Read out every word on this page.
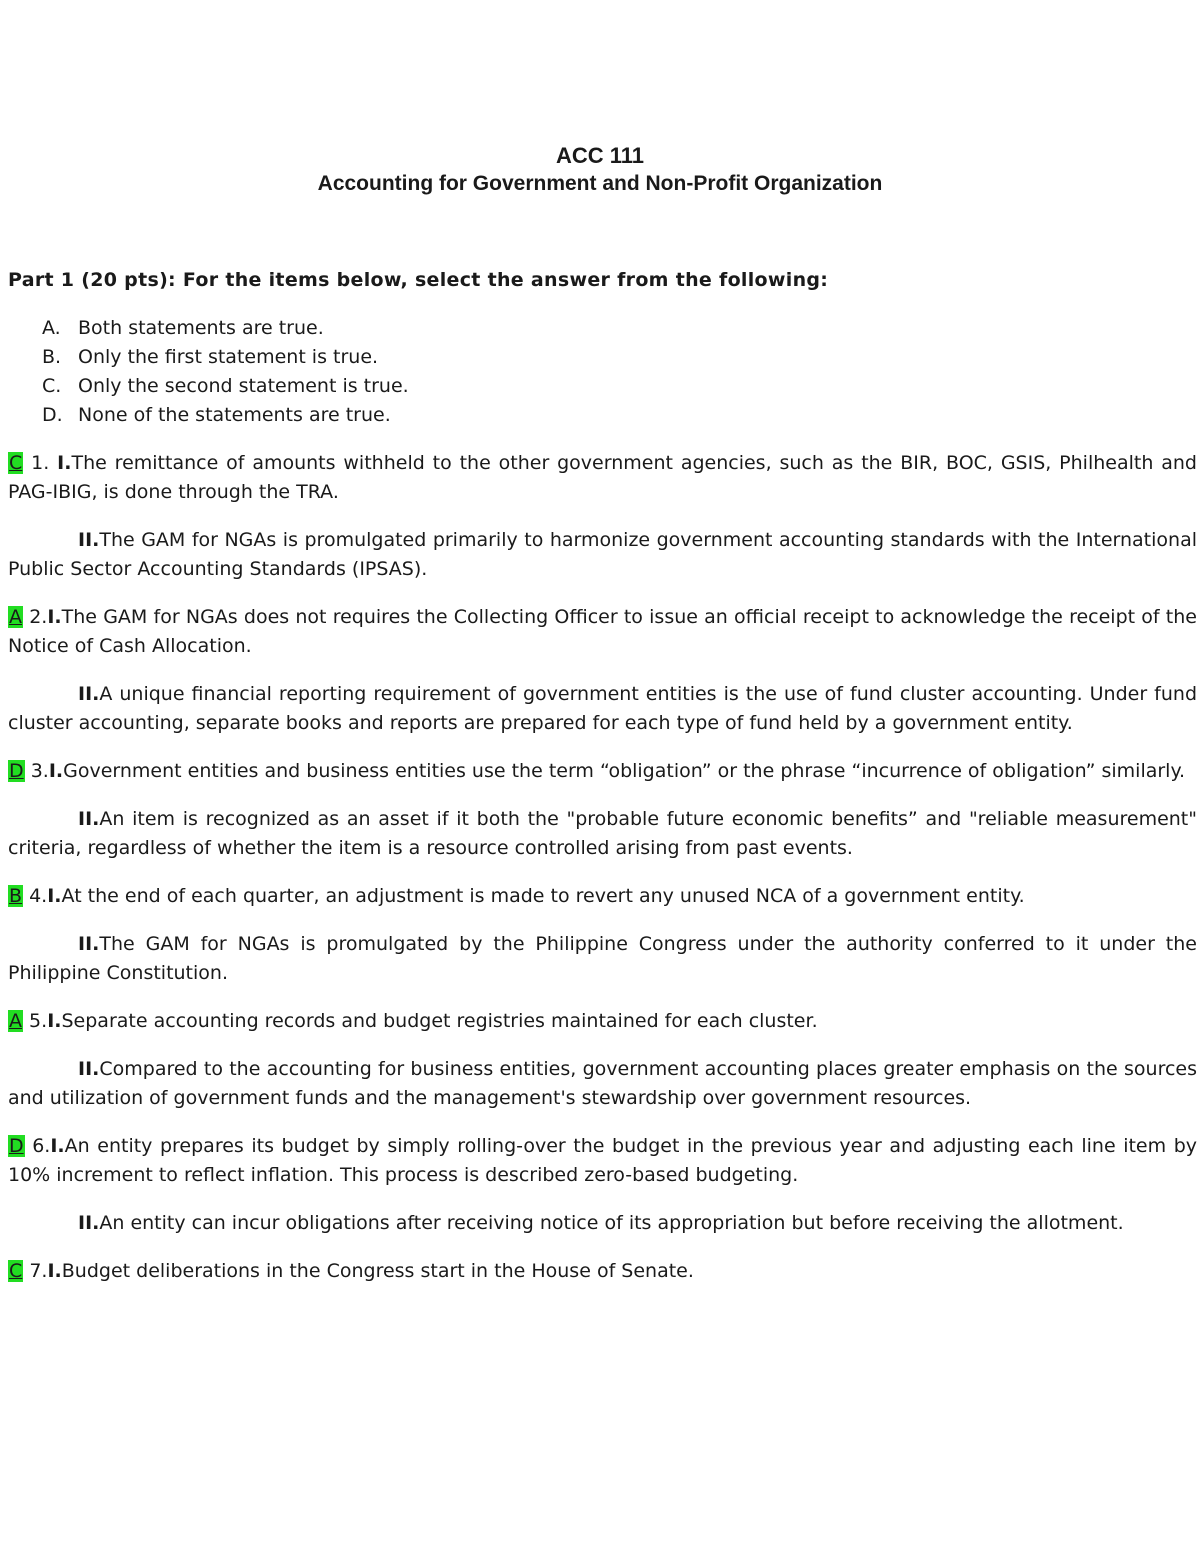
ACC 111
Accounting for Government and Non-Profit Organization
Part 1 (20 pts): For the items below, select the answer from the following:
A. Both statements are true.
B. Only the first statement is true.
C. Only the second statement is true.
D. None of the statements are true.

C 1. I.The remittance of amounts withheld to the other government agencies, such as the BIR, BOC, GSIS, Philhealth and PAG-IBIG, is done through the TRA.

II.The GAM for NGAs is promulgated primarily to harmonize government accounting standards with the International Public Sector Accounting Standards (IPSAS).

A 2.I.The GAM for NGAs does not requires the Collecting Officer to issue an official receipt to acknowledge the receipt of the Notice of Cash Allocation.

II.A unique financial reporting requirement of government entities is the use of fund cluster accounting. Under fund cluster accounting, separate books and reports are prepared for each type of fund held by a government entity.

D 3.I.Government entities and business entities use the term “obligation” or the phrase “incurrence of obligation” similarly.

II.An item is recognized as an asset if it both the "probable future economic benefits” and "reliable measurement" criteria, regardless of whether the item is a resource controlled arising from past events.

B 4.I.At the end of each quarter, an adjustment is made to revert any unused NCA of a government entity.

II.The GAM for NGAs is promulgated by the Philippine Congress under the authority conferred to it under the Philippine Constitution.

A 5.I.Separate accounting records and budget registries maintained for each cluster.

II.Compared to the accounting for business entities, government accounting places greater emphasis on the sources and utilization of government funds and the management's stewardship over government resources.

D 6.I.An entity prepares its budget by simply rolling-over the budget in the previous year and adjusting each line item by 10% increment to reflect inflation. This process is described zero-based budgeting.

II.An entity can incur obligations after receiving notice of its appropriation but before receiving the allotment.

C 7.I.Budget deliberations in the Congress start in the House of Senate.
